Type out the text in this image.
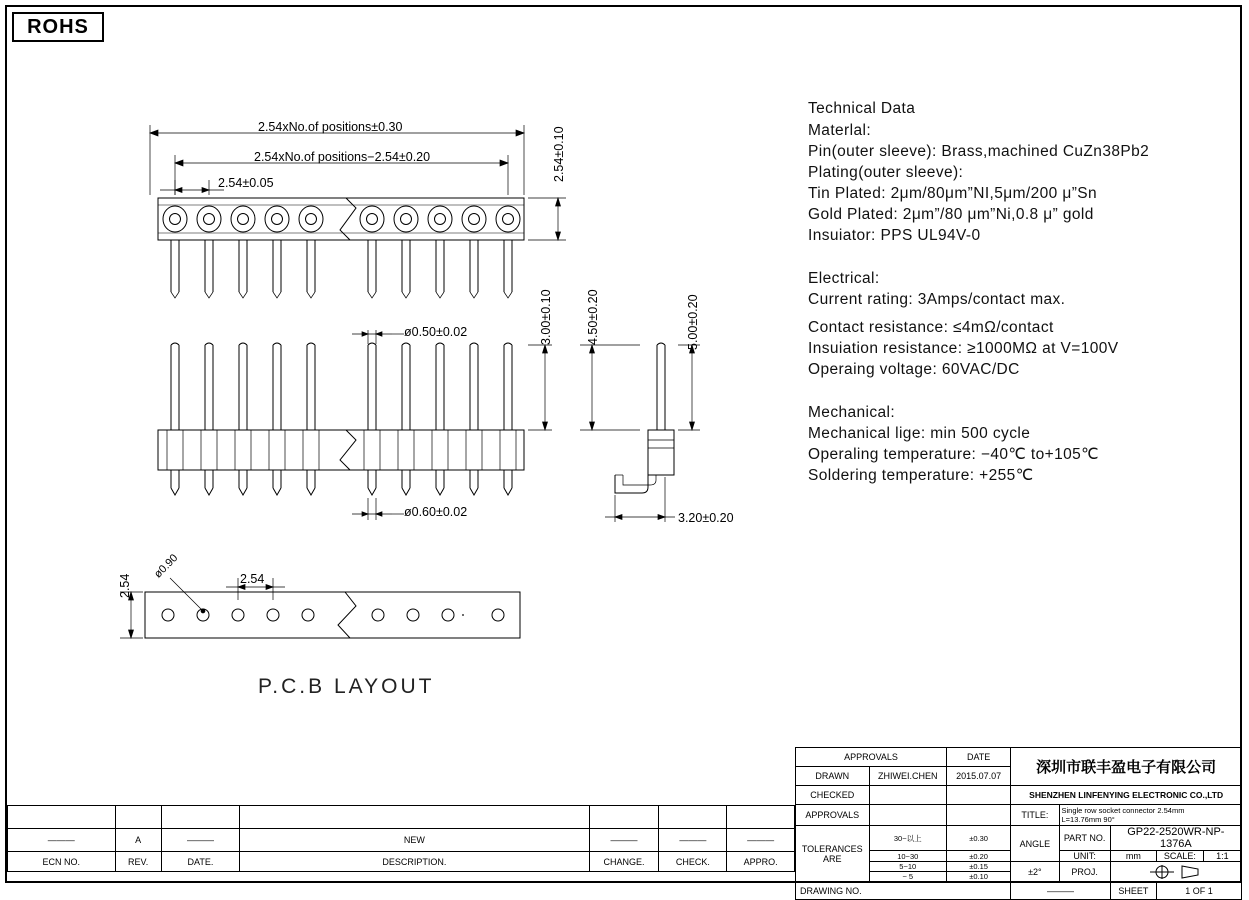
ROHS
Technical Data
Materlal:
Pin(outer sleeve): Brass,machined CuZn38Pb2
Plating(outer sleeve):
Tin Plated: 2μm/80μm”NI,5μm/200 μ”Sn
Gold Plated: 2μm”/80 μm”Ni,0.8 μ” gold
Insuiator: PPS UL94V-0
Electrical:
Current rating: 3Amps/contact max.
Contact resistance: ≤4mΩ/contact
Insuiation resistance: ≥1000MΩ at V=100V
Operaing voltage: 60VAC/DC
Mechanical:
Mechanical lige: min 500 cycle
Operaling temperature: −40℃ to+105℃
Soldering temperature: +255℃
2.54xNo.of positions±0.30
2.54xNo.of positions−2.54±0.20
2.54±0.05
2.54±0.10
ø0.50±0.02
ø0.60±0.02
3.00±0.10	4.50±0.20	5.00±0.20
3.20±0.20
2.54
2.54
ø0.90
P.C.B LAYOUT
APPROVALS		DATE	深圳市联丰盈电子有限公司				
DRAWN	ZHIWEI.CHEN	2015.07.07					
CHECKED			SHENZHEN LINFENYING ELECTRONIC CO.,LTD				
APPROVALS			TITLE:	Single row socket connector 2.54mm
L=13.76mm 90°			
TOLERANCES ARE	30~以上	±0.30	ANGLE	PART NO.	GP22-2520WR-NP-1376A		
	10~30	±0.20		UNIT:	mm	SCALE:	1:1
	5~10	±0.15	±2°	PROJ.	
	~ 5	±0.10					
DRAWING NO.			———		SHEET	1 OF 1	

———	A	———	NEW	———	———	———
ECN NO.	REV.	DATE.	DESCRIPTION.	CHANGE.	CHECK.	APPRO.
